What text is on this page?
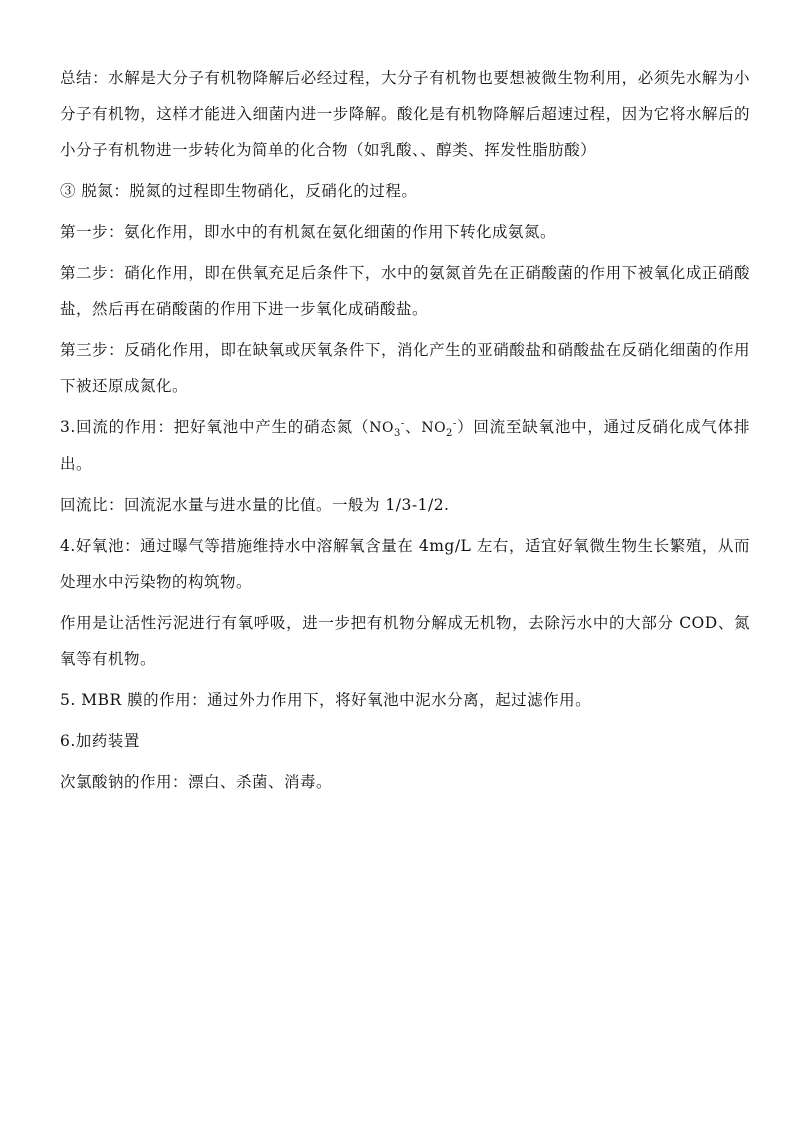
总结：水解是大分子有机物降解后必经过程，大分子有机物也要想被微生物利用，必须先水解为小分子有机物，这样才能进入细菌内进一步降解。酸化是有机物降解后超速过程，因为它将水解后的小分子有机物进一步转化为简单的化合物（如乳酸、、醇类、挥发性脂肪酸）

③ 脱氮：脱氮的过程即生物硝化，反硝化的过程。

第一步：氨化作用，即水中的有机氮在氨化细菌的作用下转化成氨氮。

第二步：硝化作用，即在供氧充足后条件下，水中的氨氮首先在正硝酸菌的作用下被氧化成正硝酸盐，然后再在硝酸菌的作用下进一步氧化成硝酸盐。

第三步：反硝化作用，即在缺氧或厌氧条件下，消化产生的亚硝酸盐和硝酸盐在反硝化细菌的作用下被还原成氮化。

3.回流的作用：把好氧池中产生的硝态氮（$NO_3^-$、$NO_2^-$）回流至缺氧池中，通过反硝化成气体排出。

回流比：回流泥水量与进水量的比值。一般为 1/3-1/2.

4.好氧池：通过曝气等措施维持水中溶解氧含量在 4mg/L 左右，适宜好氧微生物生长繁殖，从而处理水中污染物的构筑物。

作用是让活性污泥进行有氧呼吸，进一步把有机物分解成无机物，去除污水中的大部分 COD、氮氧等有机物。

5. MBR 膜的作用：通过外力作用下，将好氧池中泥水分离，起过滤作用。

6.加药装置

次氯酸钠的作用：漂白、杀菌、消毒。
